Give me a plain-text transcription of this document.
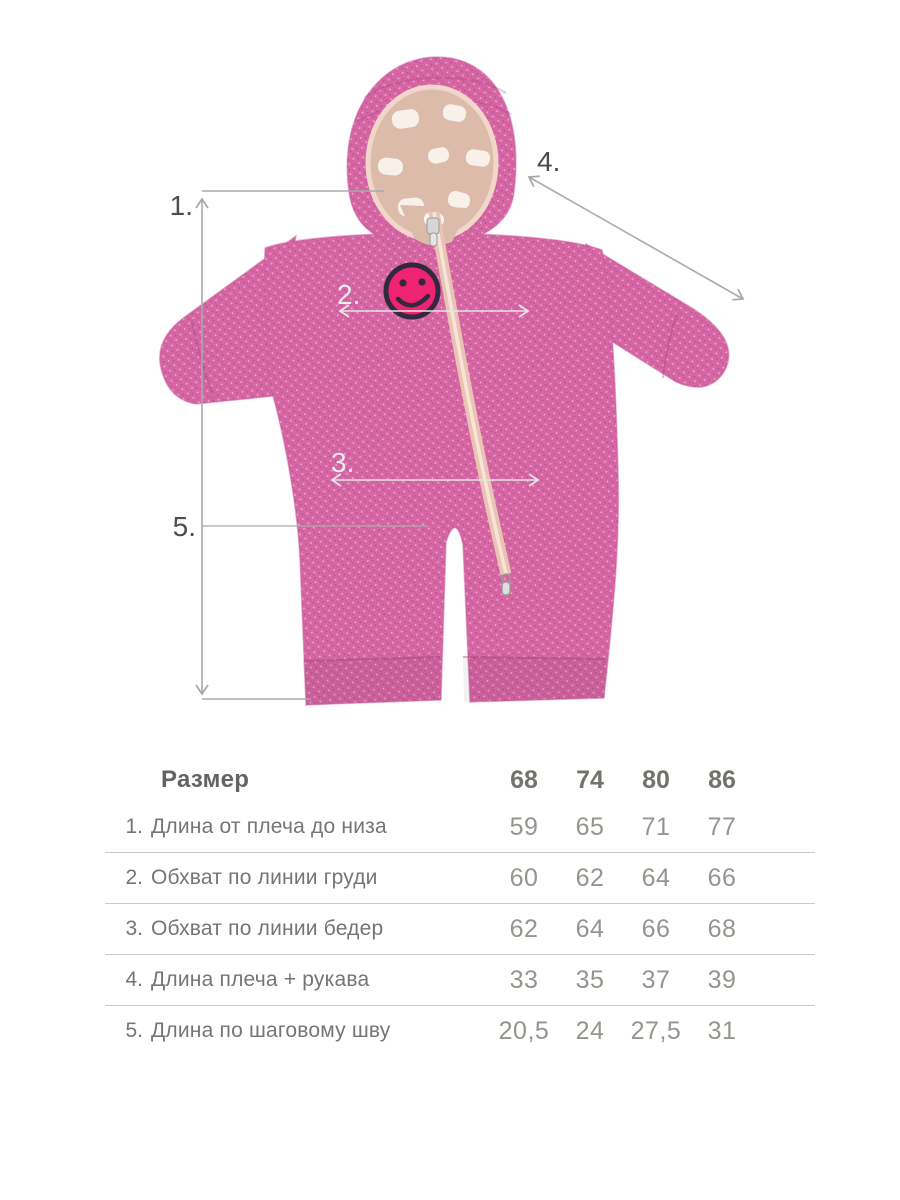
1.
2.
3.
4.
5.
Размер	68	74	80	86
1. Длина от плеча до низа	59	65	71	77
2. Обхват по линии груди	60	62	64	66
3. Обхват по линии бедер	62	64	66	68
4. Длина плеча + рукава	33	35	37	39
5. Длина по шаговому шву	20,5	24	27,5	31
